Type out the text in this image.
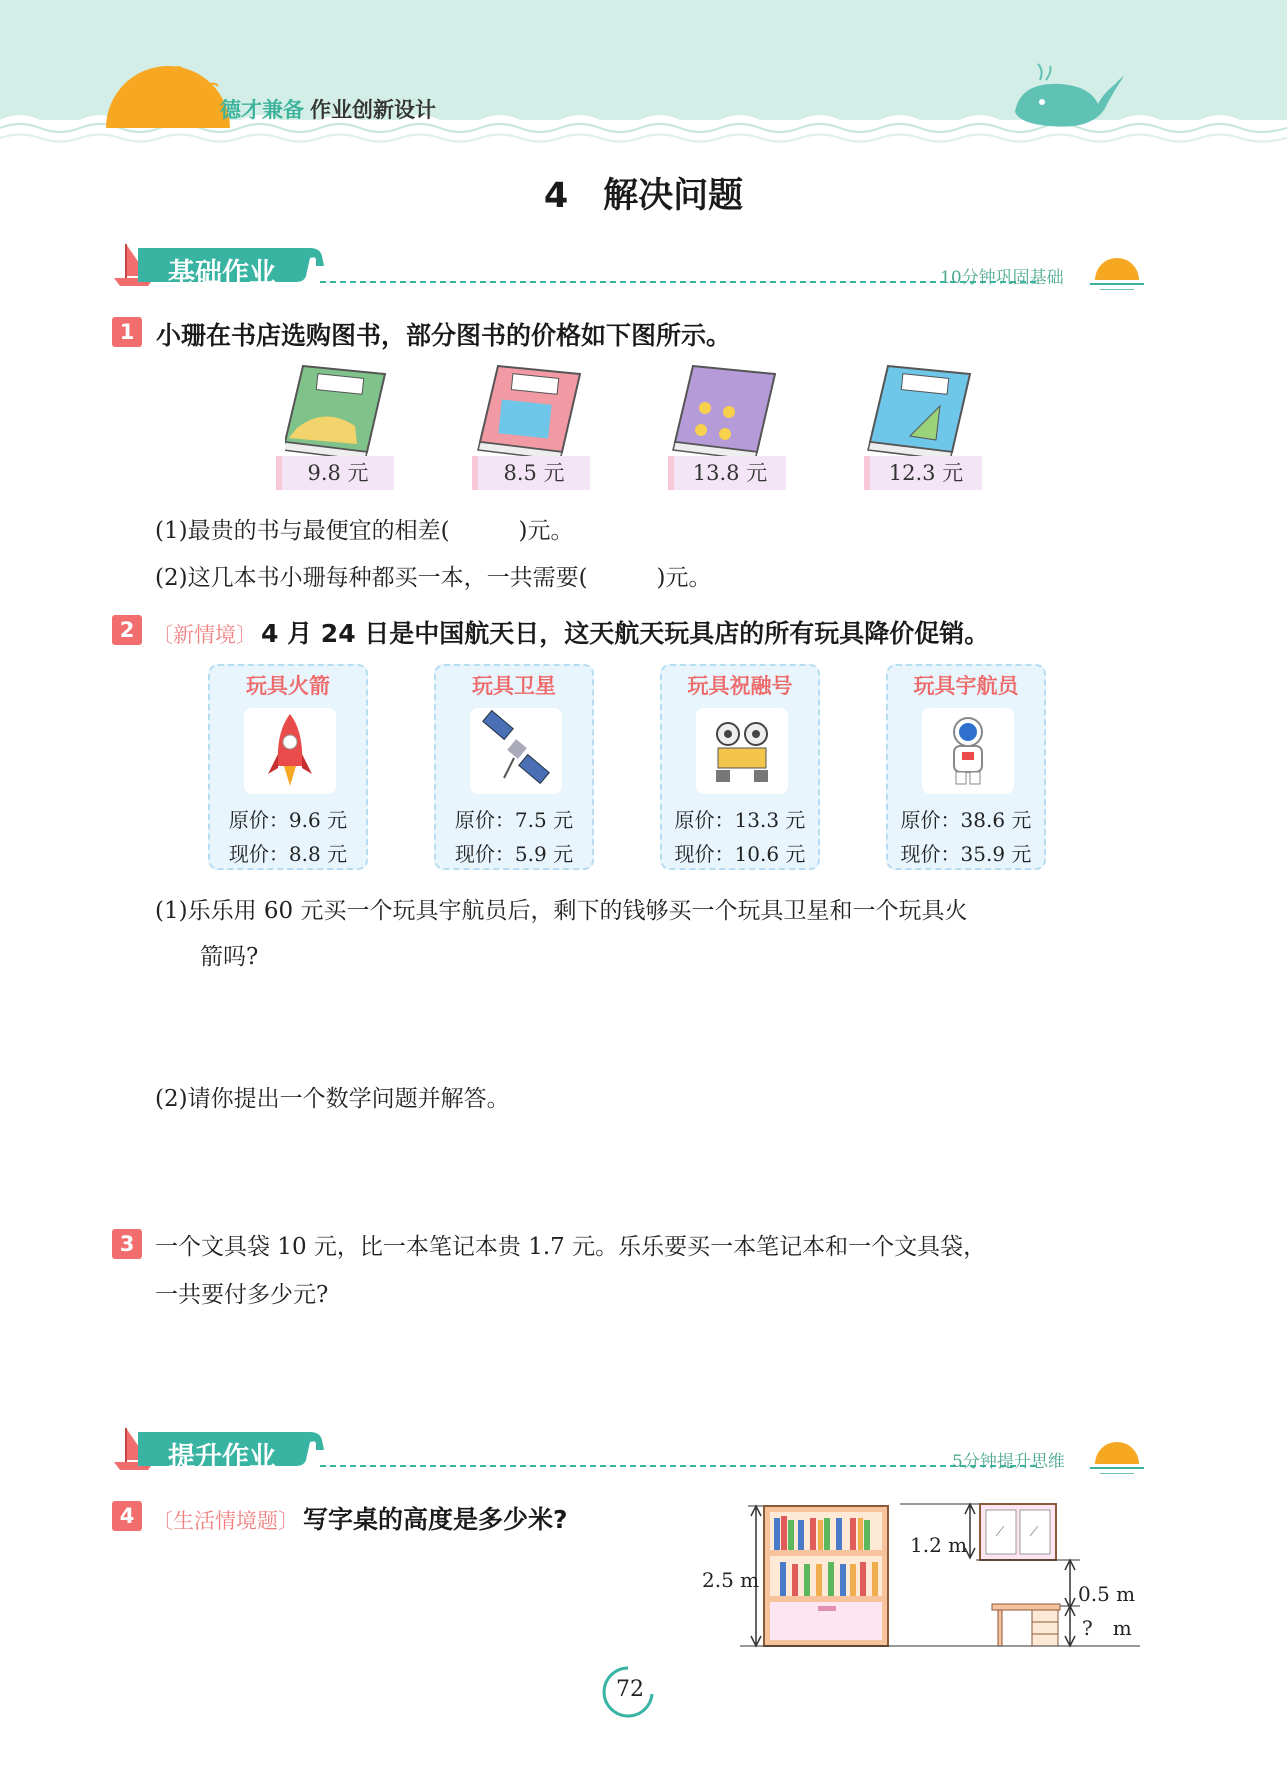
德才兼备 作业创新设计
4　解决问题
基础作业	10分钟巩固基础
1 小珊在书店选购图书，部分图书的价格如下图所示。
9.8 元	8.5 元	13.8 元	12.3 元
(1)最贵的书与最便宜的相差(　　　)元。
(2)这几本书小珊每种都买一本，一共需要(　　　)元。
2 〔新情境〕 4 月 24 日是中国航天日，这天航天玩具店的所有玩具降价促销。
玩具火箭
原价：9.6 元
现价：8.8 元
玩具卫星
原价：7.5 元
现价：5.9 元
玩具祝融号
原价：13.3 元
现价：10.6 元
玩具宇航员
原价：38.6 元
现价：35.9 元
(1)乐乐用 60 元买一个玩具宇航员后，剩下的钱够买一个玩具卫星和一个玩具火
箭吗?
(2)请你提出一个数学问题并解答。
3 一个文具袋 10 元，比一本笔记本贵 1.7 元。乐乐要买一本笔记本和一个文具袋，
一共要付多少元?
提升作业	5分钟提升思维
4 〔生活情境题〕 写字桌的高度是多少米?
2.5 m
1.2 m
0.5 m
?　m
72
